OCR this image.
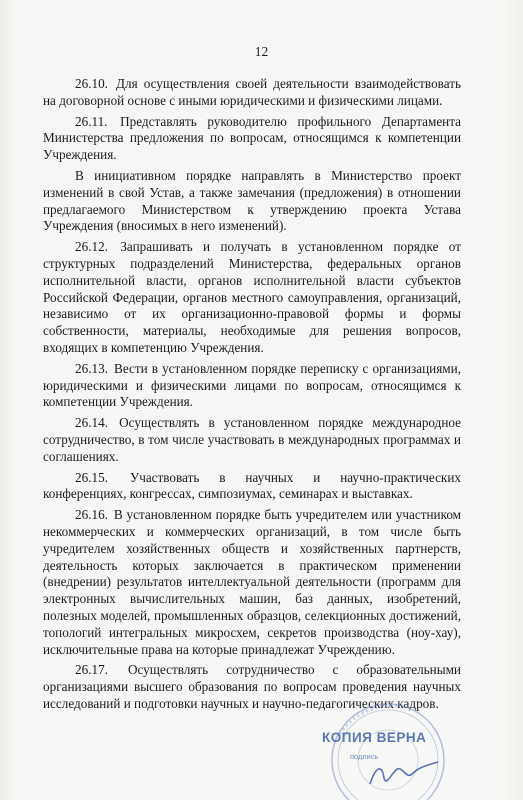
12

26.10. Для осуществления своей деятельности взаимодействовать на договорной основе с иными юридическими и физическими лицами.

26.11. Представлять руководителю профильного Департамента Министерства предложения по вопросам, относящимся к компетенции Учреждения.

В инициативном порядке направлять в Министерство проект изменений в свой Устав, а также замечания (предложения) в отношении предлагаемого Министерством к утверждению проекта Устава Учреждения (вносимых в него изменений).

26.12. Запрашивать и получать в установленном порядке от структурных подразделений Министерства, федеральных органов исполнительной власти, органов исполнительной власти субъектов Российской Федерации, органов местного самоуправления, организаций, независимо от их организационно-правовой формы и формы собственности, материалы, необходимые для решения вопросов, входящих в компетенцию Учреждения.

26.13. Вести в установленном порядке переписку с организациями, юридическими и физическими лицами по вопросам, относящимся к компетенции Учреждения.

26.14. Осуществлять в установленном порядке международное сотрудничество, в том числе участвовать в международных программах и соглашениях.

26.15. Участвовать в научных и научно-практических конференциях, конгрессах, симпозиумах, семинарах и выставках.

26.16. В установленном порядке быть учредителем или участником некоммерческих и коммерческих организаций, в том числе быть учредителем хозяйственных обществ и хозяйственных партнерств, деятельность которых заключается в практическом применении (внедрении) результатов интеллектуальной деятельности (программ для электронных вычислительных машин, баз данных, изобретений, полезных моделей, промышленных образцов, селекционных достижений, топологий интегральных микросхем, секретов производства (ноу-хау), исключительные права на которые принадлежат Учреждению.

26.17. Осуществлять сотрудничество с образовательными организациями высшего образования по вопросам проведения научных исследований и подготовки научных и научно-педагогических кадров.

КОПИЯ ВЕРНА
подпись
